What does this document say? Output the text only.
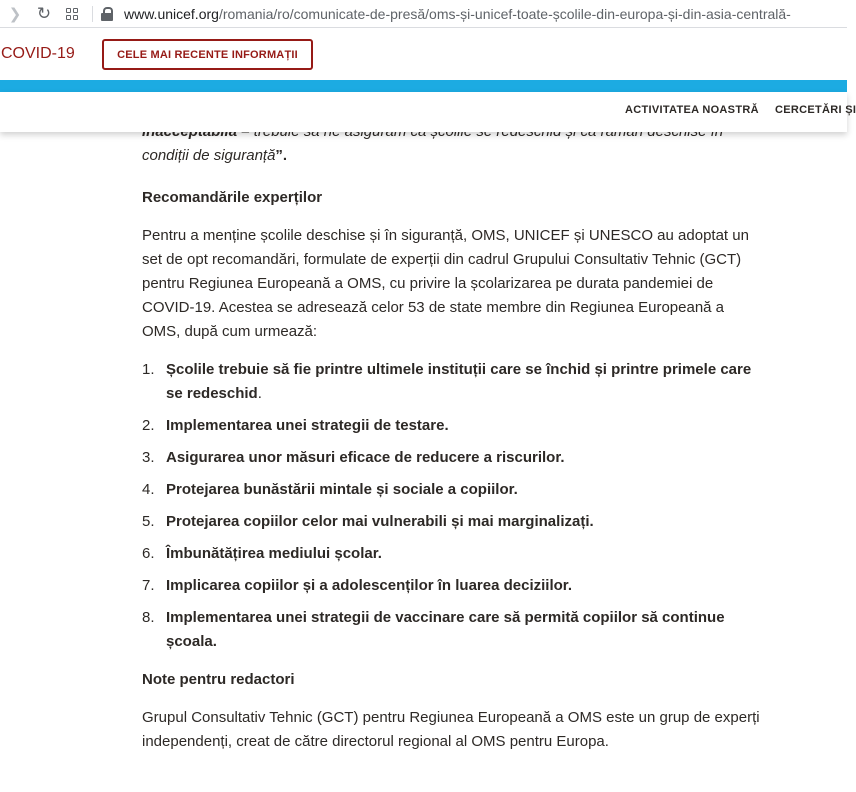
❯ ↻	www.unicef.org/romania/ro/comunicate-de-presă/oms-și-unicef-toate-școlile-din-europa-și-din-asia-centrală-
COVID-19	CELE MAI RECENTE INFORMAȚII
ACTIVITATEA NOASTRĂ CERCETĂRI ȘI

condiții de siguranță”.

Recomandările experților

Pentru a menține școlile deschise și în siguranță, OMS, UNICEF și UNESCO au adoptat un set de opt recomandări, formulate de experții din cadrul Grupului Consultativ Tehnic (GCT) pentru Regiunea Europeană a OMS, cu privire la școlarizarea pe durata pandemiei de COVID-19. Acestea se adresează celor 53 de state membre din Regiunea Europeană a OMS, după cum urmează:

1. Școlile trebuie să fie printre ultimele instituții care se închid și printre primele care se redeschid.
2. Implementarea unei strategii de testare.
3. Asigurarea unor măsuri eficace de reducere a riscurilor.
4. Protejarea bunăstării mintale și sociale a copiilor.
5. Protejarea copiilor celor mai vulnerabili și mai marginalizați.
6. Îmbunătățirea mediului școlar.
7. Implicarea copiilor și a adolescenților în luarea deciziilor.
8. Implementarea unei strategii de vaccinare care să permită copiilor să continue școala.
Note pentru redactori

Grupul Consultativ Tehnic (GCT) pentru Regiunea Europeană a OMS este un grup de experți independenți, creat de către directorul regional al OMS pentru Europa.
